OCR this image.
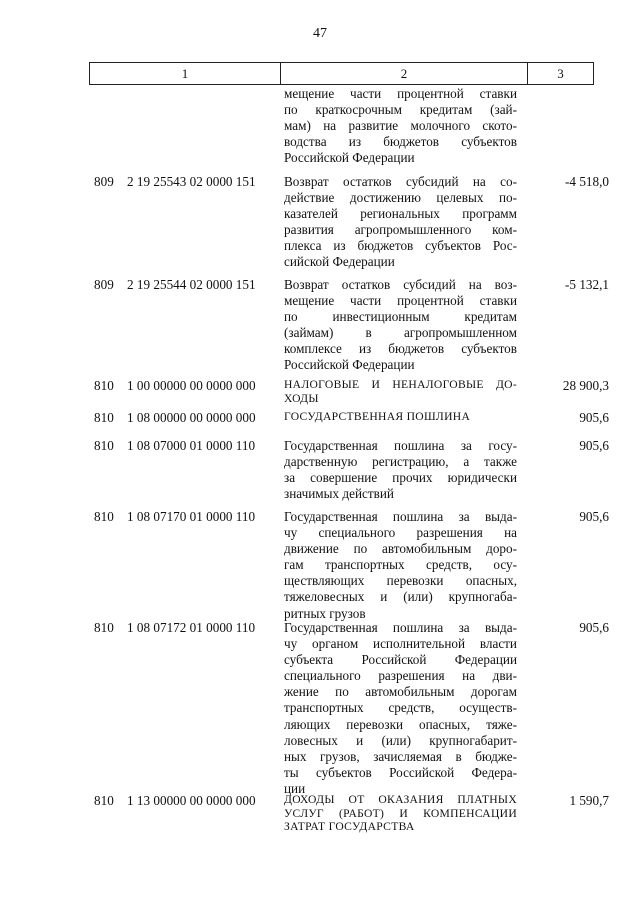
47
1	2	3
мещение части процентной ставки
по краткосрочным кредитам (зай-
мам) на развитие молочного ското-
водства из бюджетов субъектов
Российской Федерации
809 2 19 25543 02 0000 151 Возврат остатков субсидий на со-
действие достижению целевых по-
казателей региональных программ
развития агропромышленного ком-
плекса из бюджетов субъектов Рос-
сийской Федерации
-4 518,0
809 2 19 25544 02 0000 151 Возврат остатков субсидий на воз-
мещение части процентной ставки
по инвестиционным кредитам
(займам) в агропромышленном
комплексе из бюджетов субъектов
Российской Федерации
-5 132,1
810 1 00 00000 00 0000 000 НАЛОГОВЫЕ И НЕНАЛОГОВЫЕ ДО-
ХОДЫ
28 900,3
810 1 08 00000 00 0000 000 ГОСУДАРСТВЕННАЯ ПОШЛИНА	905,6
810 1 08 07000 01 0000 110 Государственная пошлина за госу-
дарственную регистрацию, а также
за совершение прочих юридически
значимых действий
905,6
810 1 08 07170 01 0000 110 Государственная пошлина за выда-
чу специального разрешения на
движение по автомобильным доро-
гам транспортных средств, осу-
ществляющих перевозки опасных,
тяжеловесных и (или) крупногаба-
ритных грузов
905,6
810 1 08 07172 01 0000 110 Государственная пошлина за выда-
чу органом исполнительной власти
субъекта Российской Федерации
специального разрешения на дви-
жение по автомобильным дорогам
транспортных средств, осуществ-
ляющих перевозки опасных, тяже-
ловесных и (или) крупногабарит-
ных грузов, зачисляемая в бюдже-
ты субъектов Российской Федера-
ции
905,6
810 1 13 00000 00 0000 000 ДОХОДЫ ОТ ОКАЗАНИЯ ПЛАТНЫХ
УСЛУГ (РАБОТ) И КОМПЕНСАЦИИ
ЗАТРАТ ГОСУДАРСТВА
1 590,7
